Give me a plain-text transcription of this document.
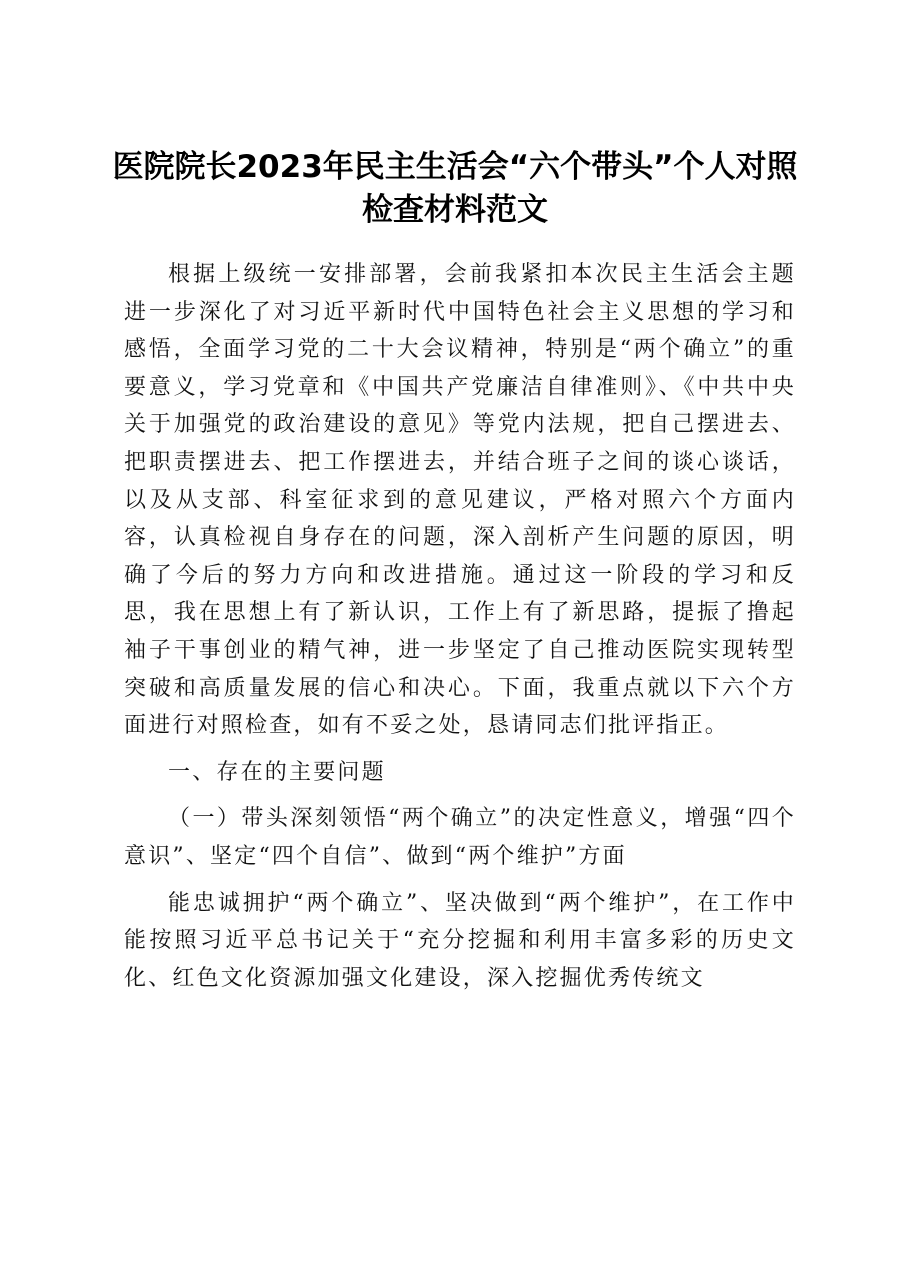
医院院长2023年民主生活会“六个带头”个人对照检查材料范文

根据上级统一安排部署，会前我紧扣本次民主生活会主题进一步深化了对习近平新时代中国特色社会主义思想的学习和感悟，全面学习党的二十大会议精神，特别是“两个确立”的重要意义，学习党章和《中国共产党廉洁自律准则》、《中共中央关于加强党的政治建设的意见》等党内法规，把自己摆进去、把职责摆进去、把工作摆进去，并结合班子之间的谈心谈话，以及从支部、科室征求到的意见建议，严格对照六个方面内容，认真检视自身存在的问题，深入剖析产生问题的原因，明确了今后的努力方向和改进措施。通过这一阶段的学习和反思，我在思想上有了新认识，工作上有了新思路，提振了撸起袖子干事创业的精气神，进一步坚定了自己推动医院实现转型突破和高质量发展的信心和决心。下面，我重点就以下六个方面进行对照检查，如有不妥之处，恳请同志们批评指正。

一、存在的主要问题

（一）带头深刻领悟“两个确立”的决定性意义，增强“四个意识”、坚定“四个自信”、做到“两个维护”方面

能忠诚拥护“两个确立”、坚决做到“两个维护”，在工作中能按照习近平总书记关于“充分挖掘和利用丰富多彩的历史文化、红色文化资源加强文化建设，深入挖掘优秀传统文
